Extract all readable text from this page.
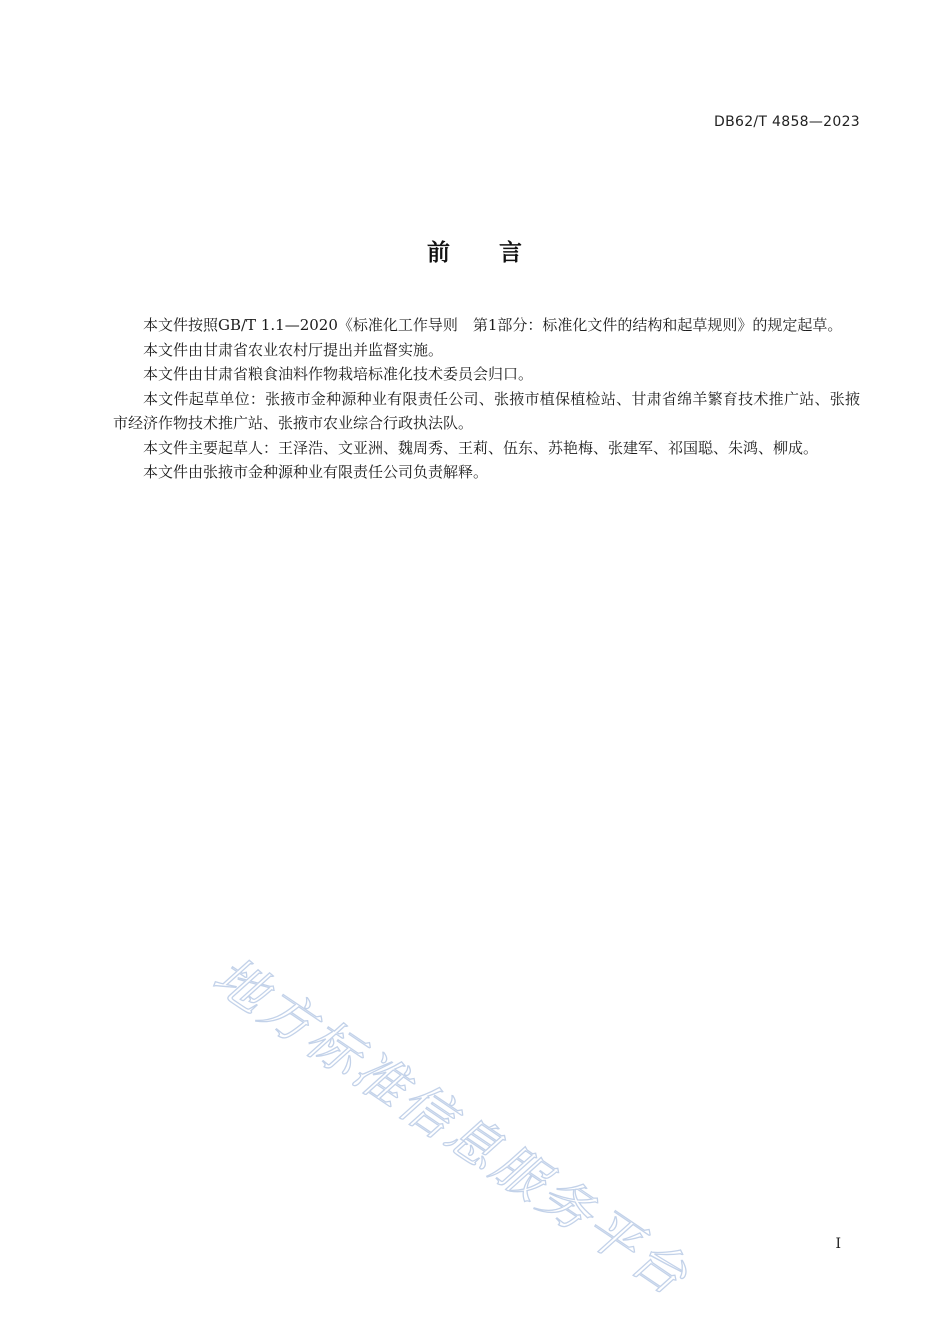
DB62/T 4858—2023
前　　言

本文件按照GB/T 1.1—2020《标准化工作导则　第1部分：标准化文件的结构和起草规则》的规定起草。

本文件由甘肃省农业农村厅提出并监督实施。

本文件由甘肃省粮食油料作物栽培标准化技术委员会归口。

本文件起草单位：张掖市金种源种业有限责任公司、张掖市植保植检站、甘肃省绵羊繁育技术推广站、张掖市经济作物技术推广站、张掖市农业综合行政执法队。

本文件主要起草人：王泽浩、文亚洲、魏周秀、王莉、伍东、苏艳梅、张建军、祁国聪、朱鸿、柳成。

本文件由张掖市金种源种业有限责任公司负责解释。

地方标准信息服务平台	I
